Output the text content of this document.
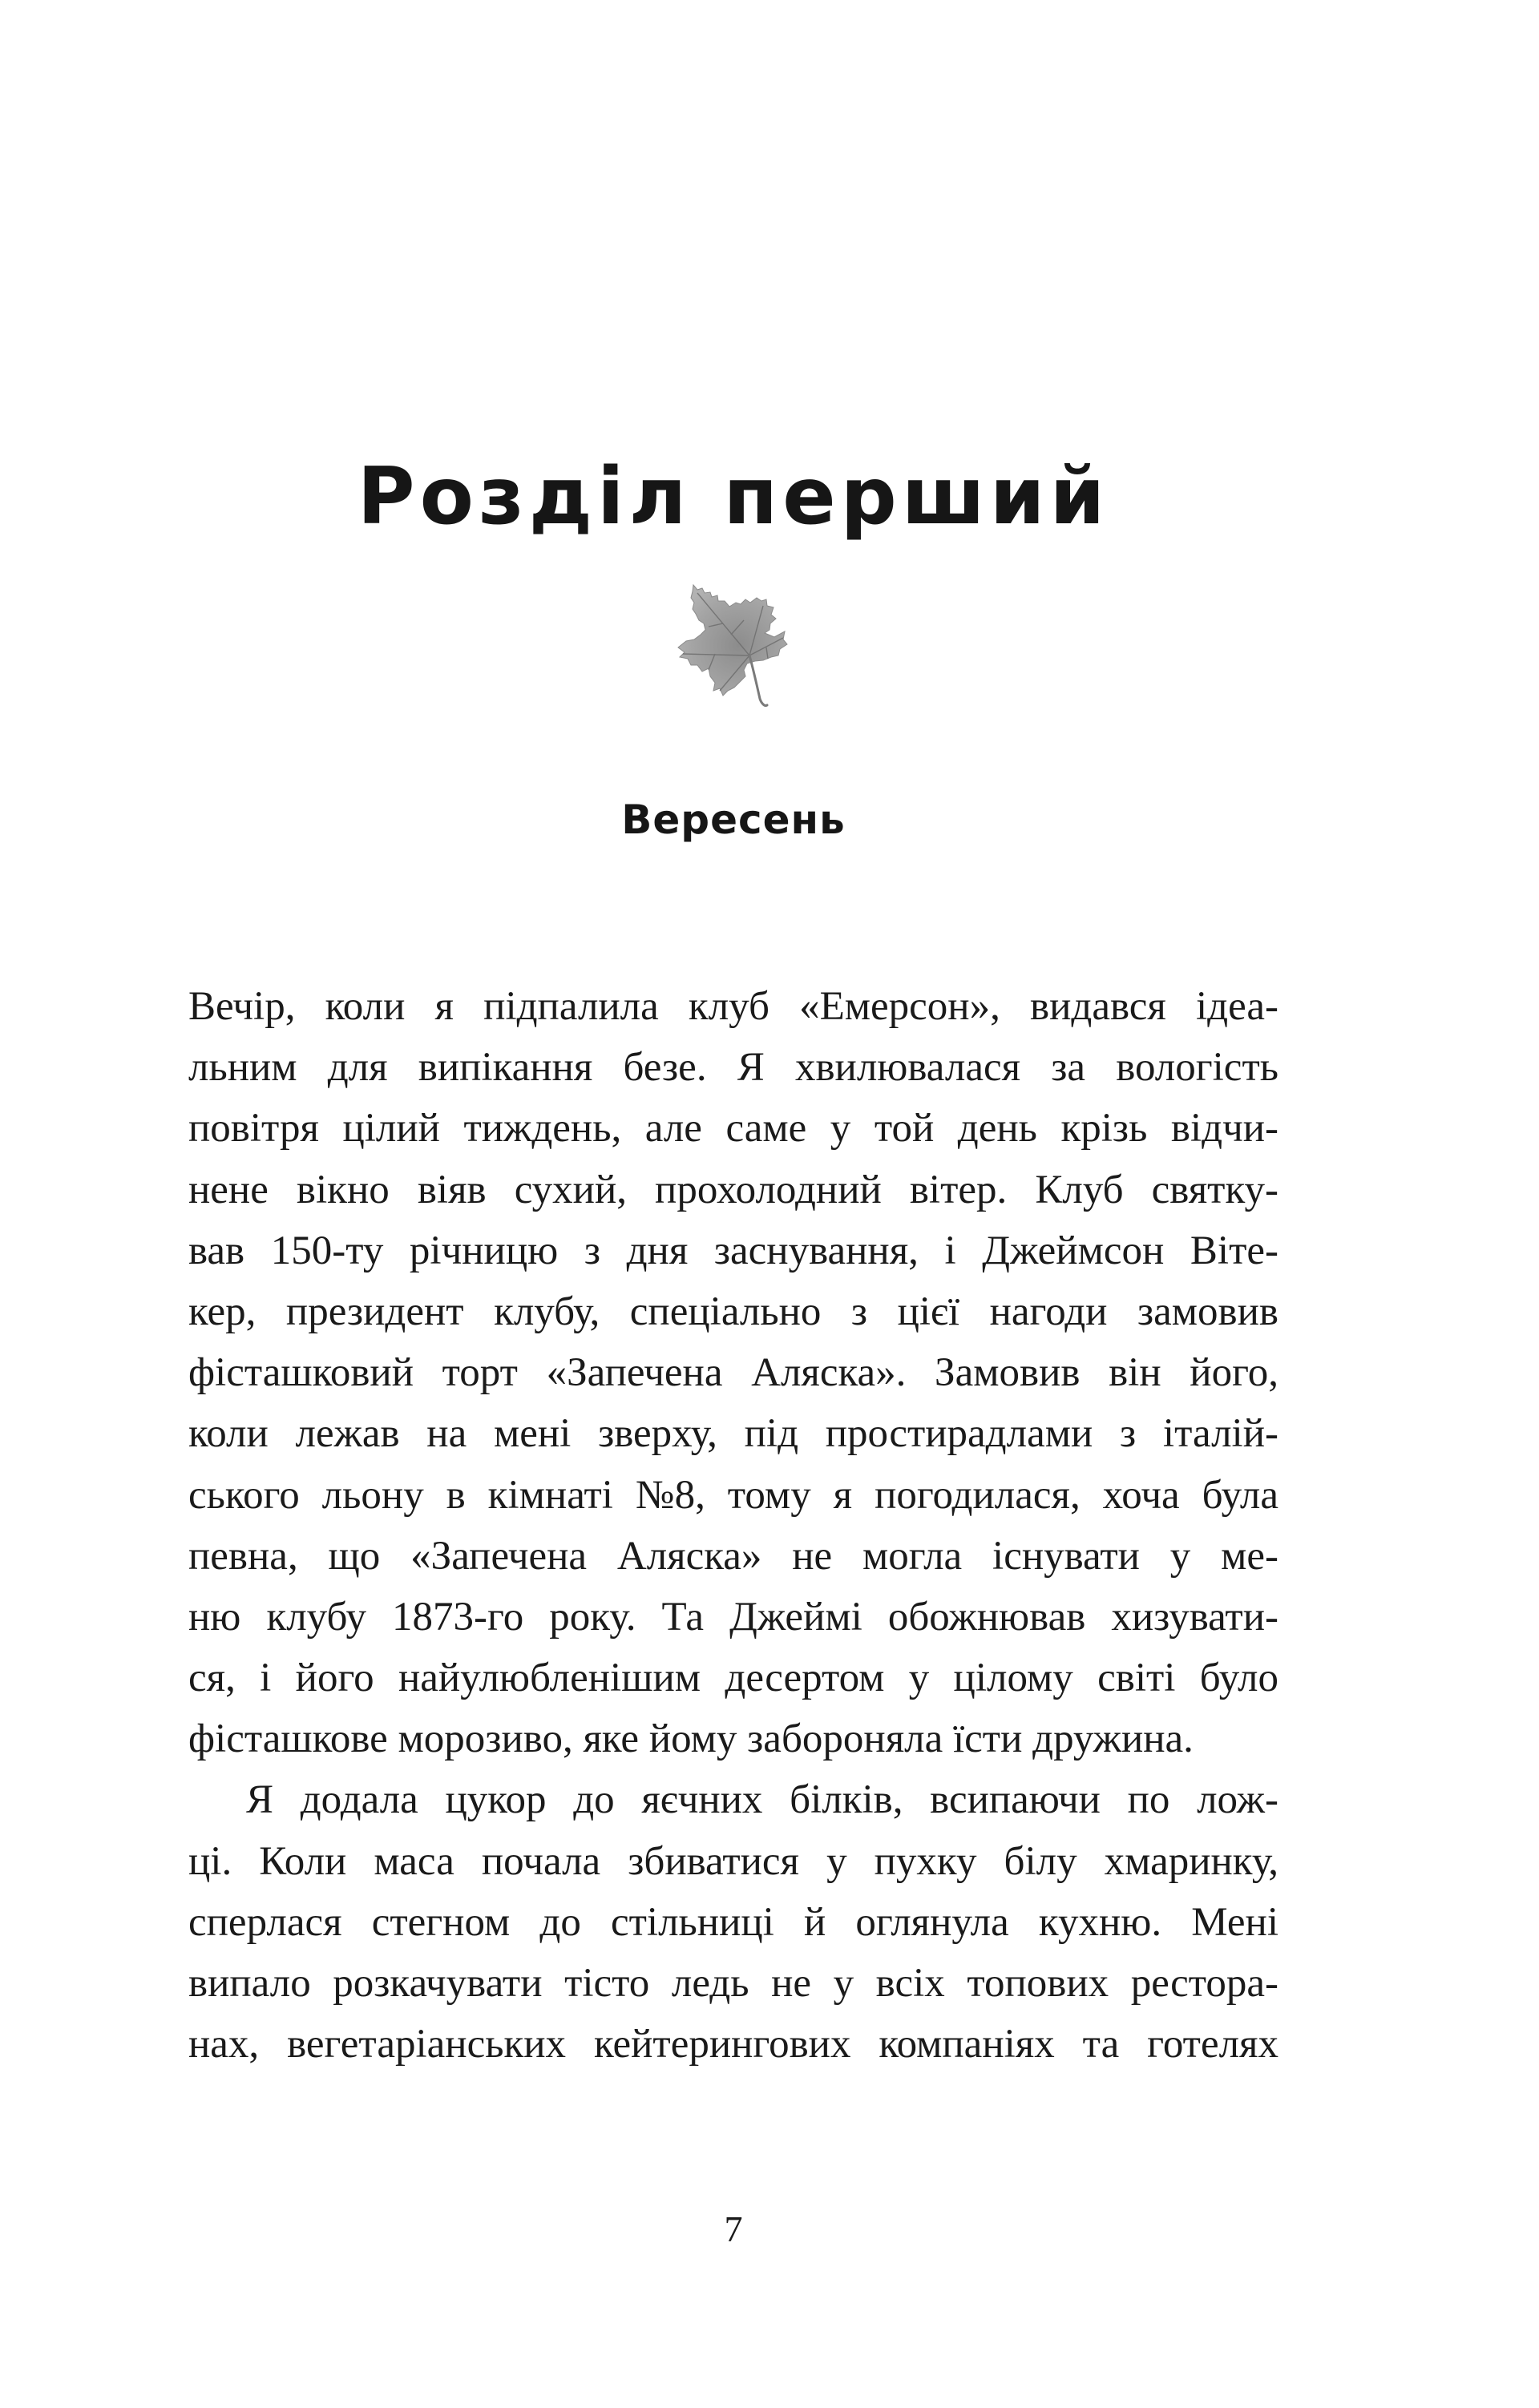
Розділ перший
Вересень
Вечір, коли я підпалила клуб «Емерсон», видався ідеа-
льним для випікання безе. Я хвилювалася за вологість
повітря цілий тиждень, але саме у той день крізь відчи-
нене вікно віяв сухий, прохолодний вітер. Клуб святку-
вав 150-ту річницю з дня заснування, і Джеймсон Віте-
кер, президент клубу, спеціально з цієї нагоди замовив
фісташковий торт «Запечена Аляска». Замовив він його,
коли лежав на мені зверху, під простирадлами з італій-
ського льону в кімнаті №8, тому я погодилася, хоча була
певна, що «Запечена Аляска» не могла існувати у ме-
ню клубу 1873-го року. Та Джеймі обожнював хизувати-
ся, і його найулюбленішим десертом у цілому світі було
фісташкове морозиво, яке йому забороняла їсти дружина.
Я додала цукор до яєчних білків, всипаючи по лож-
ці. Коли маса почала збиватися у пухку білу хмаринку,
сперлася стегном до стільниці й оглянула кухню. Мені
випало розкачувати тісто ледь не у всіх топових рестора-
нах, вегетаріанських кейтерингових компаніях та готелях
7
